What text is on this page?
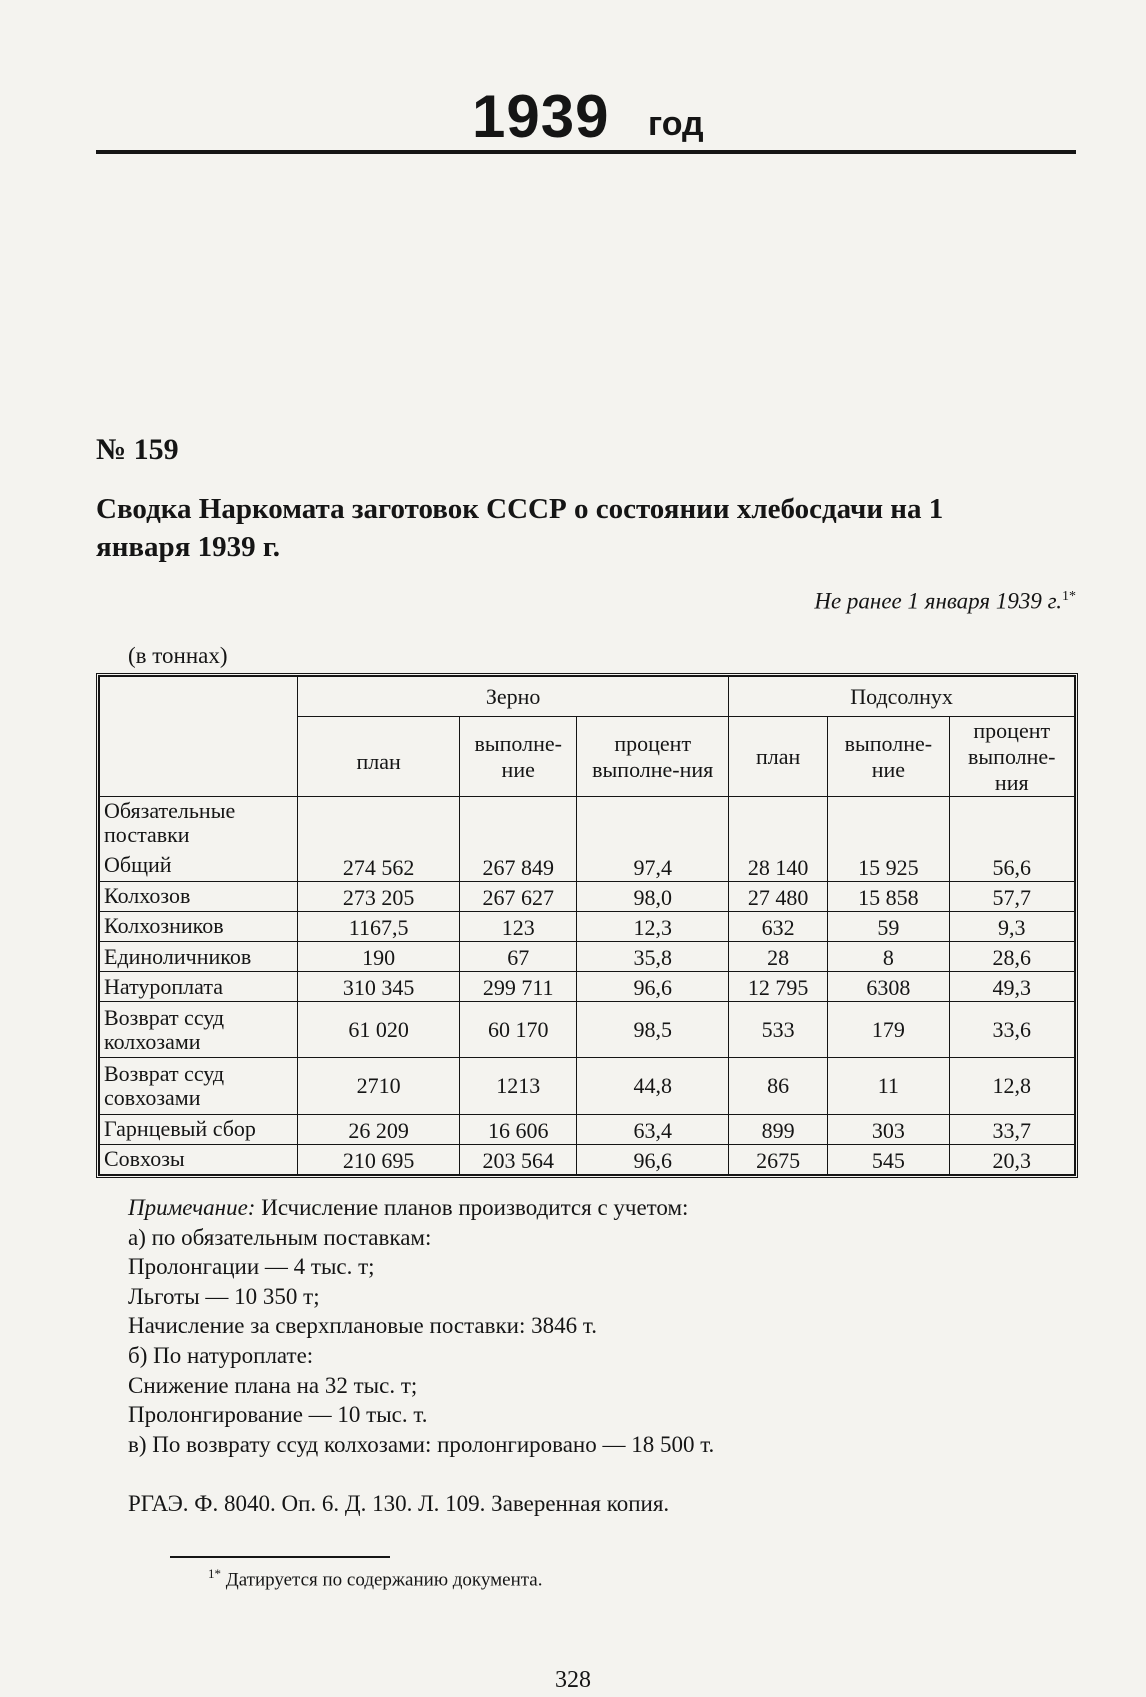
1939 год
№ 159
Сводка Наркомата заготовок СССР о состоянии хлебосдачи на 1 января 1939 г.
Не ранее 1 января 1939 г.$^{1*}$
(в тоннах)
	Зерно			Подсолнух		
	план	выполне-ние	процент выполне-ния	план	выполне-ние	процент выполне-ния
Обязательные поставки						
Общий	274 562	267 849	97,4	28 140	15 925	56,6
Колхозов	273 205	267 627	98,0	27 480	15 858	57,7
Колхозников	1167,5	123	12,3	632	59	9,3
Единоличников	190	67	35,8	28	8	28,6
Натуроплата	310 345	299 711	96,6	12 795	6308	49,3
Возврат ссуд колхозами	61 020	60 170	98,5	533	179	33,6
Возврат ссуд совхозами	2710	1213	44,8	86	11	12,8
Гарнцевый сбор	26 209	16 606	63,4	899	303	33,7
Совхозы	210 695	203 564	96,6	2675	545	20,3
Примечание: Исчисление планов производится с учетом:
а) по обязательным поставкам:
Пролонгации — 4 тыс. т;
Льготы — 10 350 т;
Начисление за сверхплановые поставки: 3846 т.
б) По натуроплате:
Снижение плана на 32 тыс. т;
Пролонгирование — 10 тыс. т.
в) По возврату ссуд колхозами: пролонгировано — 18 500 т.
РГАЭ. Ф. 8040. Оп. 6. Д. 130. Л. 109. Заверенная копия.
$^{1*}$ Датируется по содержанию документа.
328
